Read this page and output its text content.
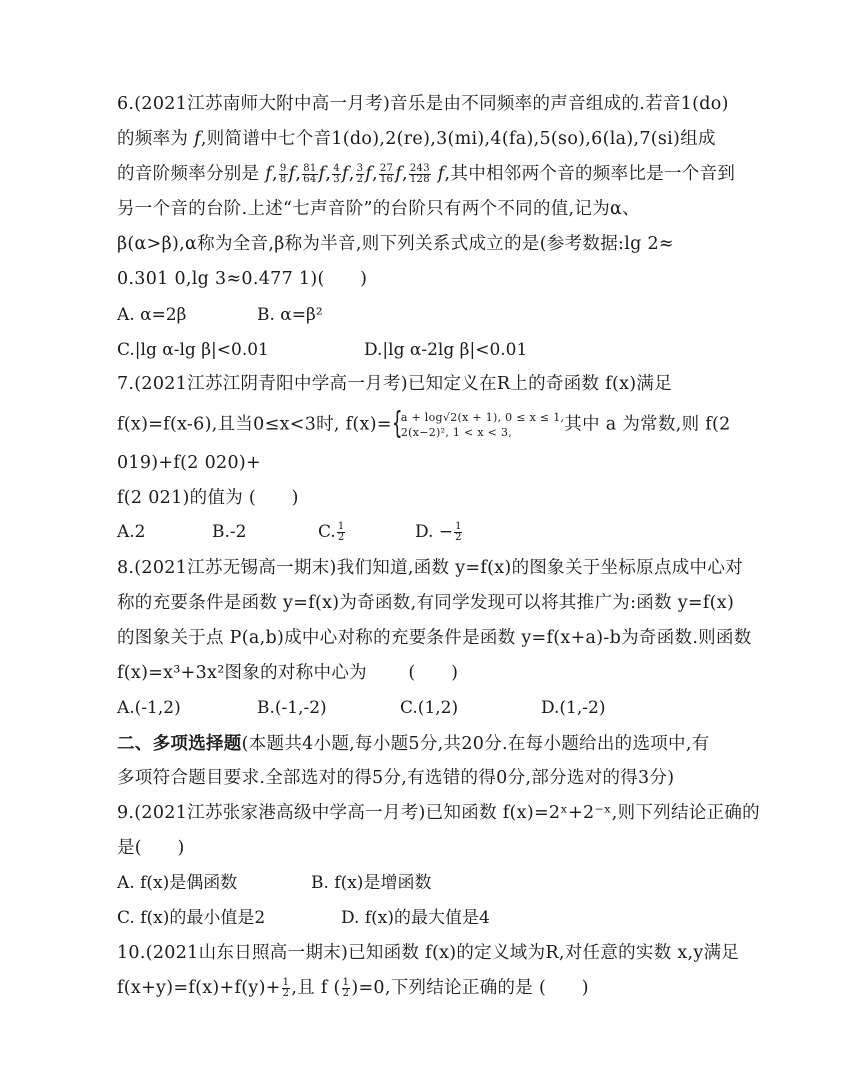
6.(2021江苏南师大附中高一月考)音乐是由不同频率的声音组成的.若音1(do)
的频率为 f,则简谱中七个音1(do),2(re),3(mi),4(fa),5(so),6(la),7(si)组成
的音阶频率分别是 f, $\frac{9}{8} f$, $\frac{81}{64} f$, $\frac{4}{3} f$, $\frac{3}{2} f$, $\frac{27}{16} f$, $\frac{243}{128} f$,其中相邻两个音的频率比是一个音到
另一个音的台阶.上述“七声音阶”的台阶只有两个不同的值,记为α、
β(α>β),α称为全音,β称为半音,则下列关系式成立的是(参考数据:lg 2≈
0.301 0,lg 3≈0.477 1)(　　)
A. α=2β	B. α=β²
C.|lg α-lg β|<0.01	D.|lg α-2lg β|<0.01
7.(2021江苏江阴青阳中学高一月考)已知定义在R上的奇函数 f(x)满足
f(x)=f(x-6),且当0≤x<3时, f(x)= {
a + log√2(x + 1), 0 ≤ x ≤ 1,
2(x−2)², 1 < x < 3,	其中 a 为常数,则 f(2
019)+f(2 020)+
f(2 021)的值为 (　　)
A.2	B.-2	C. $\frac{1}{2}$	D. − $\frac{1}{2}$
8.(2021江苏无锡高一期末)我们知道,函数 y=f(x)的图象关于坐标原点成中心对
称的充要条件是函数 y=f(x)为奇函数,有同学发现可以将其推广为:函数 y=f(x)
的图象关于点 P(a,b)成中心对称的充要条件是函数 y=f(x+a)-b为奇函数.则函数
f(x)=x³+3x²图象的对称中心为　　 (　　)
A.(-1,2)	B.(-1,-2)	C.(1,2)	D.(1,-2)
二、多项选择题(本题共4小题,每小题5分,共20分.在每小题给出的选项中,有
多项符合题目要求.全部选对的得5分,有选错的得0分,部分选对的得3分)
9.(2021江苏张家港高级中学高一月考)已知函数 f(x)=2ˣ+2⁻ˣ,则下列结论正确的
是(　　)
A. f(x)是偶函数	B. f(x)是增函数
C. f(x)的最小值是2	D. f(x)的最大值是4
10.(2021山东日照高一期末)已知函数 f(x)的定义域为R,对任意的实数 x,y满足
$f(x+y)=f(x)+f(y)+ \frac{1}{2}$ ,且 f ( $\frac{1}{2} )=0$,下列结论正确的是 (　　)
